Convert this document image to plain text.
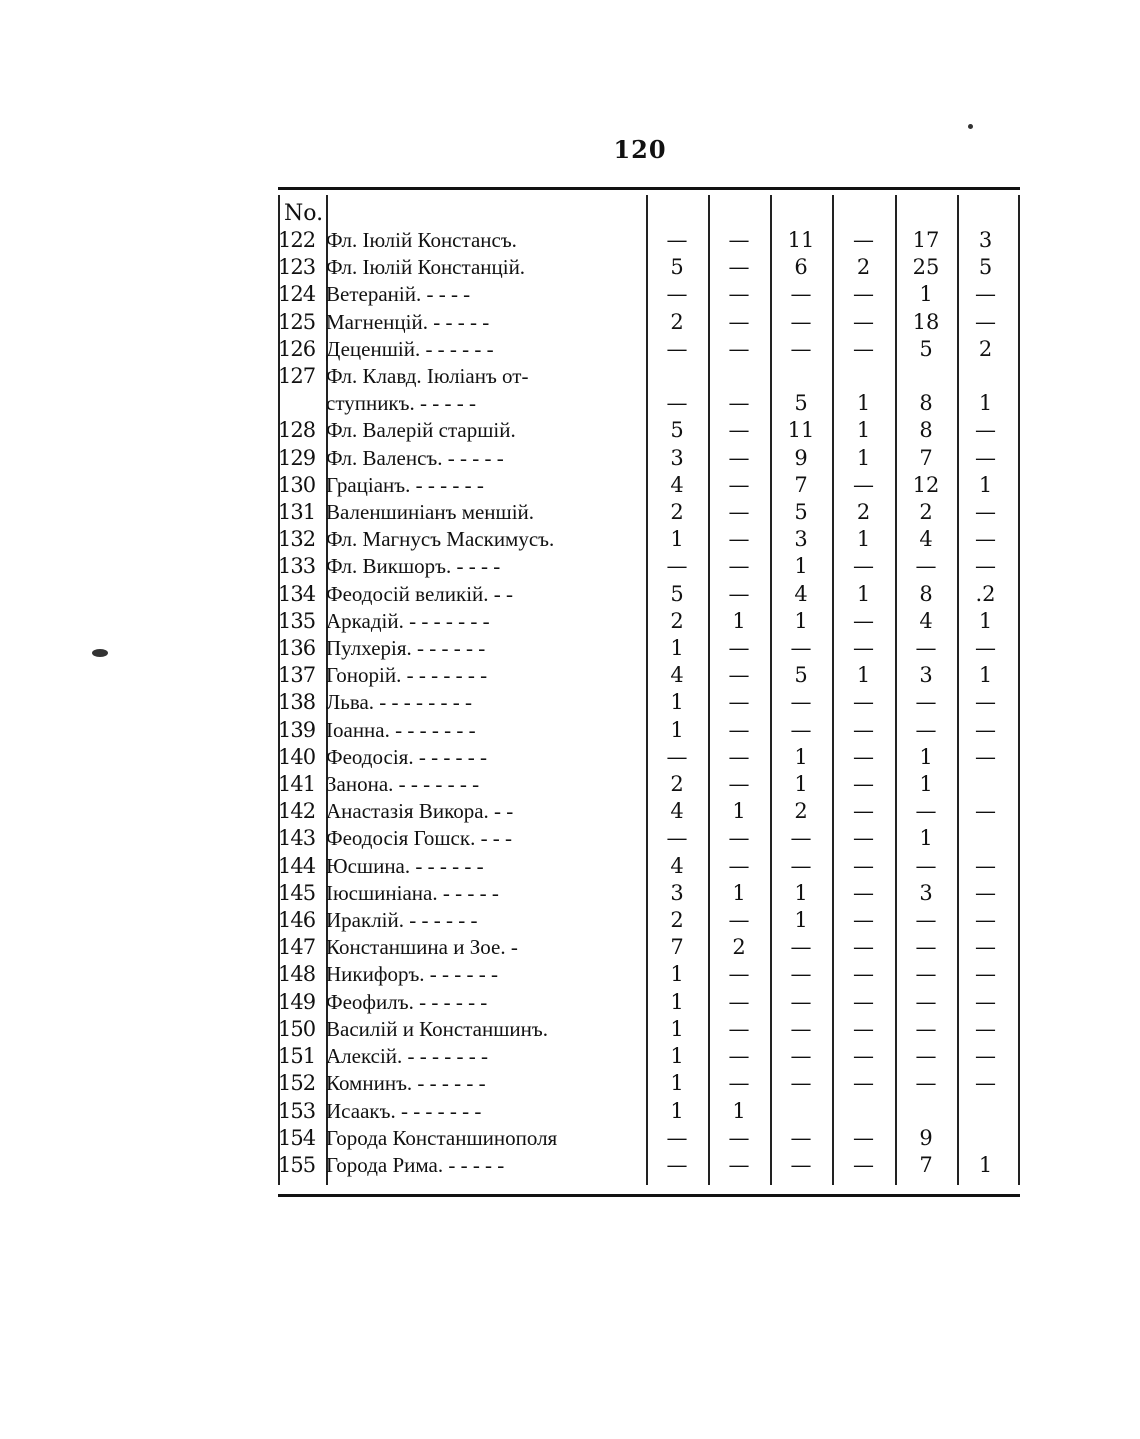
120
No.
122	Фл. Іюлій Констансъ.	—	—	11	—	17	3
123	Фл. Іюлій Констанцій.	5	—	6	2	25	5
124	Ветераній. - - - -	—	—	—	—	1	—
125	Магненцій. - - - - -	2	—	—	—	18	—
126	Деценшій. - - - - - -	—	—	—	—	5	2
127	Фл. Клавд. Іюліанъ от-						
	ступникъ. - - - - -	—	—	5	1	8	1
128	Фл. Валерій старшій.	5	—	11	1	8	—
129	Фл. Валенсъ. - - - - -	3	—	9	1	7	—
130	Граціанъ. - - - - - -	4	—	7	—	12	1
131	Валеншиніанъ меншій.	2	—	5	2	2	—
132	Фл. Магнусъ Маскимусъ.	1	—	3	1	4	—
133	Фл. Викшоръ. - - - -	—	—	1	—	—	—
134	Феодосій великій. - -	5	—	4	1	8	.2
135	Аркадій. - - - - - - -	2	1	1	—	4	1
136	Пулхерія. - - - - - -	1	—	—	—	—	—
137	Гонорій. - - - - - - -	4	—	5	1	3	1
138	Льва. - - - - - - - -	1	—	—	—	—	—
139	Іоанна. - - - - - - -	1	—	—	—	—	—
140	Феодосія. - - - - - -	—	—	1	—	1	—
141	Занона. - - - - - - -	2	—	1	—	1	
142	Анастазія Викора. - -	4	1	2	—	—	—
143	Феодосія Гошск. - - -	—	—	—	—	1	
144	Юсшина. - - - - - -	4	—	—	—	—	—
145	Іюсшиніана. - - - - -	3	1	1	—	3	—
146	Ираклій. - - - - - -	2	—	1	—	—	—
147	Констаншина и Зое. -	7	2	—	—	—	—
148	Никифоръ. - - - - - -	1	—	—	—	—	—
149	Феофилъ. - - - - - -	1	—	—	—	—	—
150	Василій и Констаншинъ.	1	—	—	—	—	—
151	Алексій. - - - - - - -	1	—	—	—	—	—
152	Комнинъ. - - - - - -	1	—	—	—	—	—
153	Исаакъ. - - - - - - -	1	1				
154	Города Констаншинополя	—	—	—	—	9	
155	Города Рима. - - - - -	—	—	—	—	7	1
